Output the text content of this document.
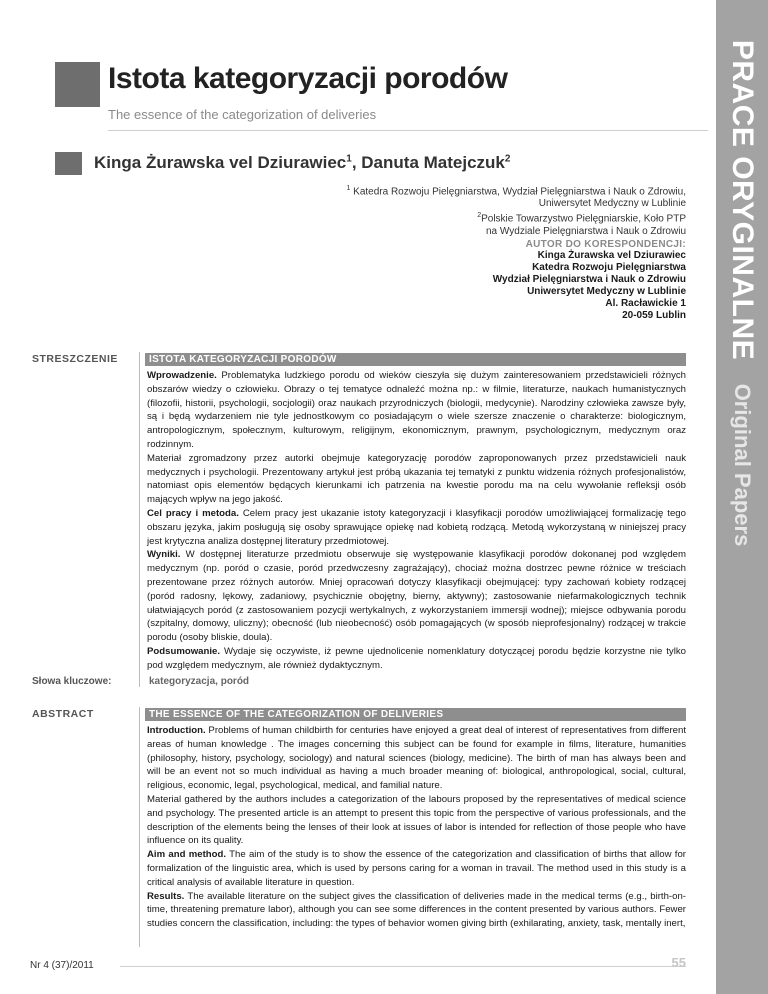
PRACE ORYGINALNE
Original Papers
Istota kategoryzacji porodów
The essence of the categorization of deliveries
Kinga Żurawska vel Dziurawiec$^1$, Danuta Matejczuk$^2$
$^1$ Katedra Rozwoju Pielęgniarstwa, Wydział Pielęgniarstwa i Nauk o Zdrowiu,
Uniwersytet Medyczny w Lublinie
$^2$Polskie Towarzystwo Pielęgniarskie, Koło PTP
na Wydziale Pielęgniarstwa i Nauk o Zdrowiu
AUTOR DO KORESPONDENCJI:
Kinga Żurawska vel Dziurawiec
Katedra Rozwoju Pielęgniarstwa
Wydział Pielęgniarstwa i Nauk o Zdrowiu
Uniwersytet Medyczny w Lublinie
Al. Racławickie 1
20-059 Lublin
STRESZCZENIE	ISTOTA KATEGORYZACJI PORODÓW

Wprowadzenie. Problematyka ludzkiego porodu od wieków cieszyła się dużym zainteresowaniem przedstawicieli różnych obszarów wiedzy o człowieku. Obrazy o tej tematyce odnaleźć można np.: w filmie, literaturze, naukach humanistycznych (filozofii, historii, psychologii, socjologii) oraz naukach przyrodniczych (biologii, medycynie). Narodziny człowieka zawsze były, są i będą wydarzeniem nie tyle jednostkowym co posiadającym o wiele szersze znaczenie o charakterze: biologicznym, antropologicznym, społecznym, kulturowym, religijnym, ekonomicznym, prawnym, psychologicznym, medycznym oraz rodzinnym.

Materiał zgromadzony przez autorki obejmuje kategoryzację porodów zaproponowanych przez przedstawicieli nauk medycznych i psychologii. Prezentowany artykuł jest próbą ukazania tej tematyki z punktu widzenia różnych profesjonalistów, natomiast opis elementów będących kierunkami ich patrzenia na kwestie porodu ma na celu wywołanie refleksji osób mających wpływ na jego jakość.

Cel pracy i metoda. Celem pracy jest ukazanie istoty kategoryzacji i klasyfikacji porodów umożliwiającej formalizację tego obszaru języka, jakim posługują się osoby sprawujące opiekę nad kobietą rodzącą. Metodą wykorzystaną w niniejszej pracy jest krytyczna analiza dostępnej literatury przedmiotowej.

Wyniki. W dostępnej literaturze przedmiotu obserwuje się występowanie klasyfikacji porodów dokonanej pod względem medycznym (np. poród o czasie, poród przedwczesny zagrażający), chociaż można dostrzec pewne różnice w treściach prezentowane przez różnych autorów. Mniej opracowań dotyczy klasyfikacji obejmującej: typy zachowań kobiety rodzącej (poród radosny, lękowy, zadaniowy, psychicznie obojętny, bierny, aktywny); zastosowanie niefarmakologicznych technik ułatwiających poród (z zastosowaniem pozycji wertykalnych, z wykorzystaniem immersji wodnej); miejsce odbywania porodu (szpitalny, domowy, uliczny); obecność (lub nieobecność) osób pomagających (w sposób nieprofesjonalny) rodzącej w trakcie porodu (osoby bliskie, doula).

Podsumowanie. Wydaje się oczywiste, iż pewne ujednolicenie nomenklatury dotyczącej porodu będzie korzystne nie tylko pod względem medycznym, ale również dydaktycznym.

Słowa kluczowe:	kategoryzacja, poród
ABSTRACT	THE ESSENCE OF THE CATEGORIZATION OF DELIVERIES

Introduction. Problems of human childbirth for centuries have enjoyed a great deal of interest of representatives from different areas of human knowledge . The images concerning this subject can be found for example in films, literature, humanities (philosophy, history, psychology, sociology) and natural sciences (biology, medicine). The birth of man has always been and will be an event not so much individual as having a much broader meaning of: biological, anthropological, social, cultural, religious, economic, legal, psychological, medical, and familial nature.

Material gathered by the authors includes a categorization of the labours proposed by the representatives of medical science and psychology. The presented article is an attempt to present this topic from the perspective of various professionals, and the description of the elements being the lenses of their look at issues of labor is intended for reflection of those people who have influence on its quality.

Aim and method. The aim of the study is to show the essence of the categorization and classification of births that allow for formalization of the linguistic area, which is used by persons caring for a woman in travail. The method used in this study is a critical analysis of available literature in question.

Results. The available literature on the subject gives the classification of deliveries made in the medical terms (e.g., birth-on-time, threatening premature labor), although you can see some differences in the content presented by various authors. Fewer studies concern the classification, including: the types of behavior women giving birth (exhilarating, anxiety, task, mentally inert,

Nr 4 (37)/2011	55
